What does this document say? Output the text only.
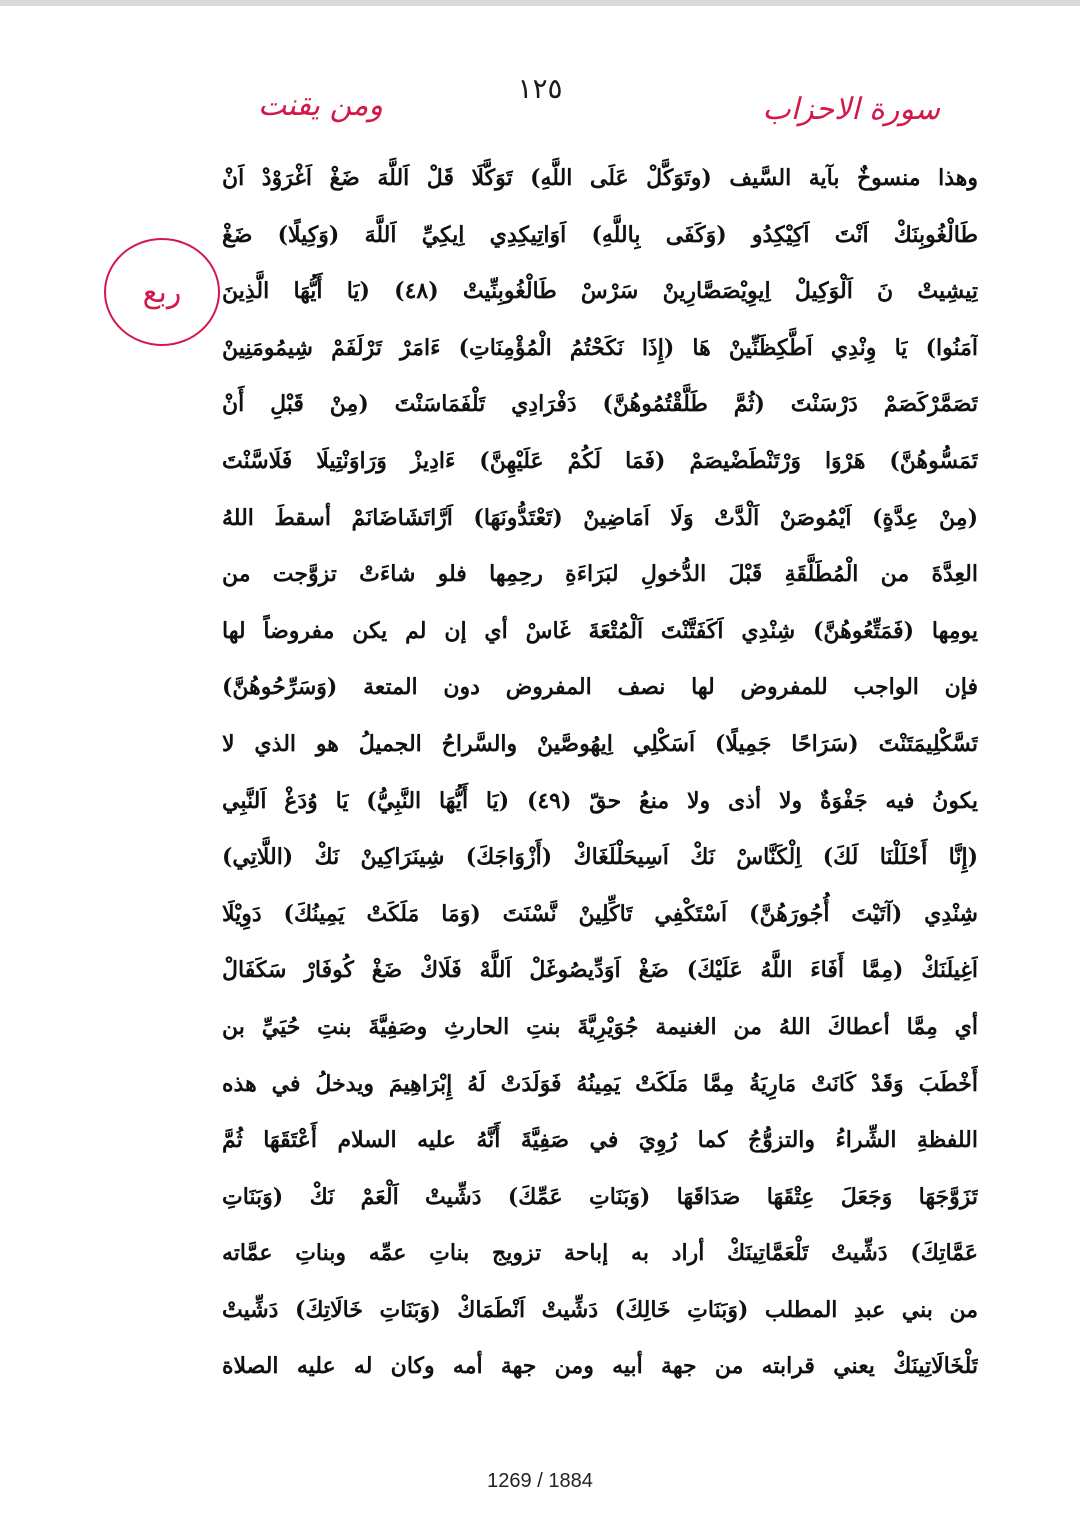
١٢٥
سورة الاحزاب
ومن يقنت
ربع
وهذا منسوخٌ بآية السَّيف (وتَوَكَّلْ عَلَى اللَّهِ) تَوَكَّلَا قَلْ اَللَّهَ ضَغْ اَغْرَوْدْ اَنْ
طَالْغُوبِنَكْ اَنْتَ اَكِيْكِدُو (وَكَفَى بِاللَّهِ) اَوَاتِيكِدِي اِيكِيِّ اَللَّهَ (وَكِيلًا) ضَغْ
تِيشِيتْ نَ اَلْوَكِيلْ اِيوِيْصَصَّارِينْ سَرْسْ طَالْغُوبِنِّيتْ (٤٨) (يَا أَيُّهَا الَّذِينَ
آمَنُوا) يَا وِنْدِي اَطَّكِظَنِّينْ هَا (إِذَا نَكَحْتُمُ الْمُؤْمِنَاتِ) ءَامَرْ تَرْلَفَمْ شِيمُومَنِينْ
تَصَمَّرْكَصَمْ دَرْسَنْتَ (ثُمَّ طَلَّقْتُمُوهُنَّ) دَفْرَادِي تَلْفَمَاسَنْتَ (مِنْ قَبْلِ أَنْ
تَمَسُّوهُنَّ) هَرْوَا وَرْتَنْطَضْيصَمْ (فَمَا لَكُمْ عَلَيْهِنَّ) ءَادِيزْ وَرَاوَنْتِيلَا فَلَاسَّنْتَ
(مِنْ عِدَّةٍ) اَيْمُوصَنْ اَلْدَّتْ وَلَا اَمَاضِينْ (تَعْتَدُّونَهَا) اَرَّاتَشَاضَانَمْ أسقطَ اللهُ
العِدَّةَ من الْمُطَلَّقَةِ قَبْلَ الدُّخولِ لبَرَاءَةِ رحِمِها فلو شاءَتْ تزوَّجت من
يومِها (فَمَتِّعُوهُنَّ) شِنْدِي اَكَفَتَّنْتَ اَلْمُتْعَةَ غَاسْ أي إن لم يكن مفروضاً لها
فإن الواجب للمفروض لها نصف المفروض دون المتعة (وَسَرِّحُوهُنَّ)
تَسَّكْلِيمَتَنْتَ (سَرَاحًا جَمِيلًا) اَسَكْلِي اِيهُوصَّينْ والسَّراحُ الجميلُ هو الذي لا
يكونُ فيه جَفْوَةٌ ولا أذى ولا منعُ حقّ (٤٩) (يَا أَيُّهَا النَّبِيُّ) يَا وُدَغْ اَلنَّبِي
(إِنَّا أَحْلَلْنَا لَكَ) اِلْكَنَّاسْ نَكْ اَسِيحَلْلَغَاكْ (أَزْوَاجَكَ) شِينَرَاكِينْ نَكْ (اللَّاتِي)
شِنْدِي (آتَيْتَ أُجُورَهُنَّ) اَسْتَكْفِي تَاكِّلِينْ نَّسْنَتَ (وَمَا مَلَكَتْ يَمِينُكَ) دَوِيْلَا
اَغِيلَنَكْ (مِمَّا أَفَاءَ اللَّهُ عَلَيْكَ) ضَغْ اَوَدِّيصُوغَلْ اَللَّهْ فَلَاكْ ضَغْ كُوفَارْ سَكَفَالْ
أي مِمَّا أعطاكَ اللهُ من الغنيمة جُوَيْرِيَّةَ بنتِ الحارثِ وصَفِيَّةَ بنتِ حُيَيِّ بن
أَخْطَبَ وَقَدْ كَانَتْ مَارِيَةُ مِمَّا مَلَكَتْ يَمِينُهُ فَوَلَدَتْ لَهُ إِبْرَاهِيمَ ويدخلُ في هذه
اللفظةِ الشِّراءُ والتزوُّجُ كما رُوِيَ في صَفِيَّةَ أَنَّهُ عليه السلام أَعْتَقَهَا ثُمَّ
تَزَوَّجَهَا وَجَعَلَ عِتْقَهَا صَدَاقَهَا (وَبَنَاتِ عَمِّكَ) دَشِّيتْ اَلْعَمْ نَكْ (وَبَنَاتِ
عَمَّاتِكَ) دَشِّيتْ تَلْعَمَّاتِينَكْ أراد به إباحة تزويج بناتِ عمِّه وبناتِ عمَّاته
من بني عبدِ المطلب (وَبَنَاتِ خَالِكَ) دَشِّيتْ اَنْطَمَاكْ (وَبَنَاتِ خَالَاتِكَ) دَشِّيتْ
تَلْخَالَاتِينَكْ يعني قرابته من جهة أبيه ومن جهة أمه وكان له عليه الصلاة
1269 / 1884
